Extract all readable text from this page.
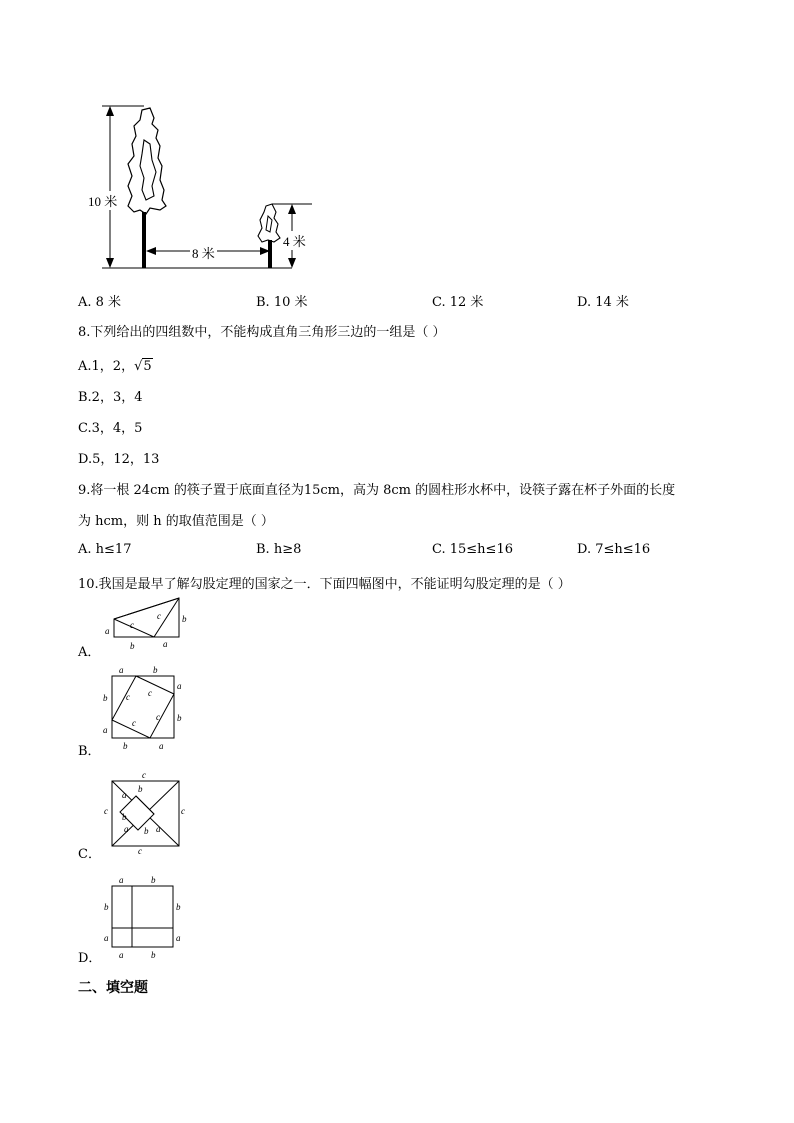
10 米
8 米
4 米
A. 8 米	B. 10 米	C. 12 米	D. 14 米
8.下列给出的四组数中，不能构成直角三角形三边的一组是（ ）
A.1，2，√5
B.2，3，4
C.3，4，5
D.5，12，13
9.将一根 24cm 的筷子置于底面直径为15cm，高为 8cm 的圆柱形水杯中，设筷子露在杯子外面的长度
为 hcm，则 h 的取值范围是（ ）
A. h≤17	B. h≥8	C. 15≤h≤16	D. 7≤h≤16
10.我国是最早了解勾股定理的国家之一．下面四幅图中，不能证明勾股定理的是（ ）
A．
a
c
c b
b	a
B．
a	b
a
b
b
a
b	a
c c
c
c
C．
c
c	c
c
a
b
b
a b a
D．
a	b
b
a
b
a
a	b
二、填空题
